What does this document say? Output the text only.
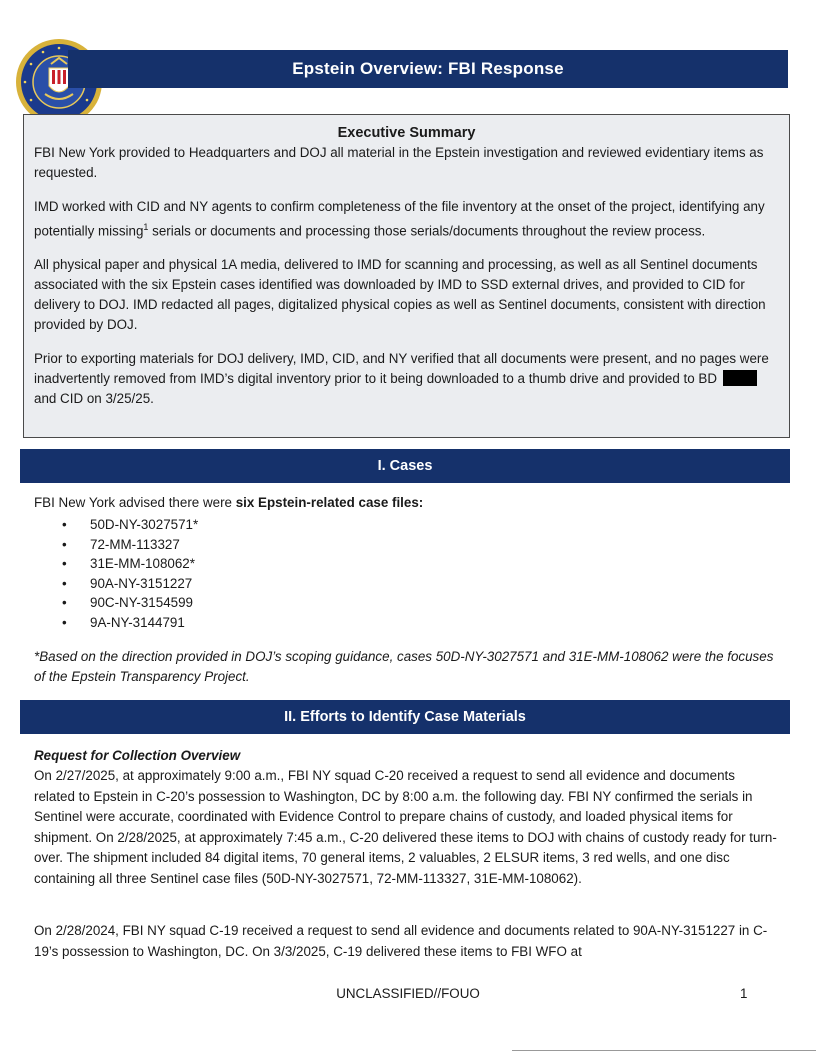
Epstein Overview: FBI Response
Executive Summary

FBI New York provided to Headquarters and DOJ all material in the Epstein investigation and reviewed evidentiary items as requested.

IMD worked with CID and NY agents to confirm completeness of the file inventory at the onset of the project, identifying any potentially missing$^1$ serials or documents and processing those serials/documents throughout the review process.

All physical paper and physical 1A media, delivered to IMD for scanning and processing, as well as all Sentinel documents associated with the six Epstein cases identified was downloaded by IMD to SSD external drives, and provided to CID for delivery to DOJ. IMD redacted all pages, digitalized physical copies as well as Sentinel documents, consistent with direction provided by DOJ.

Prior to exporting materials for DOJ delivery, IMD, CID, and NY verified that all documents were present, and no pages were inadvertently removed from IMD’s digital inventory prior to it being downloaded to a thumb drive and provided to BD and CID on 3/25/25.

I. Cases
FBI New York advised there were six Epstein-related case files:
• 50D-NY-3027571*
• 72-MM-113327
• 31E-MM-108062*
• 90A-NY-3151227
• 90C-NY-3154599
• 9A-NY-3144791
*Based on the direction provided in DOJ’s scoping guidance, cases 50D-NY-3027571 and 31E-MM-108062 were the focuses of the Epstein Transparency Project.
II. Efforts to Identify Case Materials
Request for Collection Overview

On 2/27/2025, at approximately 9:00 a.m., FBI NY squad C-20 received a request to send all evidence and documents related to Epstein in C-20’s possession to Washington, DC by 8:00 a.m. the following day. FBI NY confirmed the serials in Sentinel were accurate, coordinated with Evidence Control to prepare chains of custody, and loaded physical items for shipment. On 2/28/2025, at approximately 7:45 a.m., C-20 delivered these items to DOJ with chains of custody ready for turn-over. The shipment included 84 digital items, 70 general items, 2 valuables, 2 ELSUR items, 3 red wells, and one disc containing all three Sentinel case files (50D-NY-3027571, 72-MM-113327, 31E-MM-108062).

On 2/28/2024, FBI NY squad C-19 received a request to send all evidence and documents related to 90A-NY-3151227 in C-19’s possession to Washington, DC. On 3/3/2025, C-19 delivered these items to FBI WFO at

UNCLASSIFIED//FOUO	1
